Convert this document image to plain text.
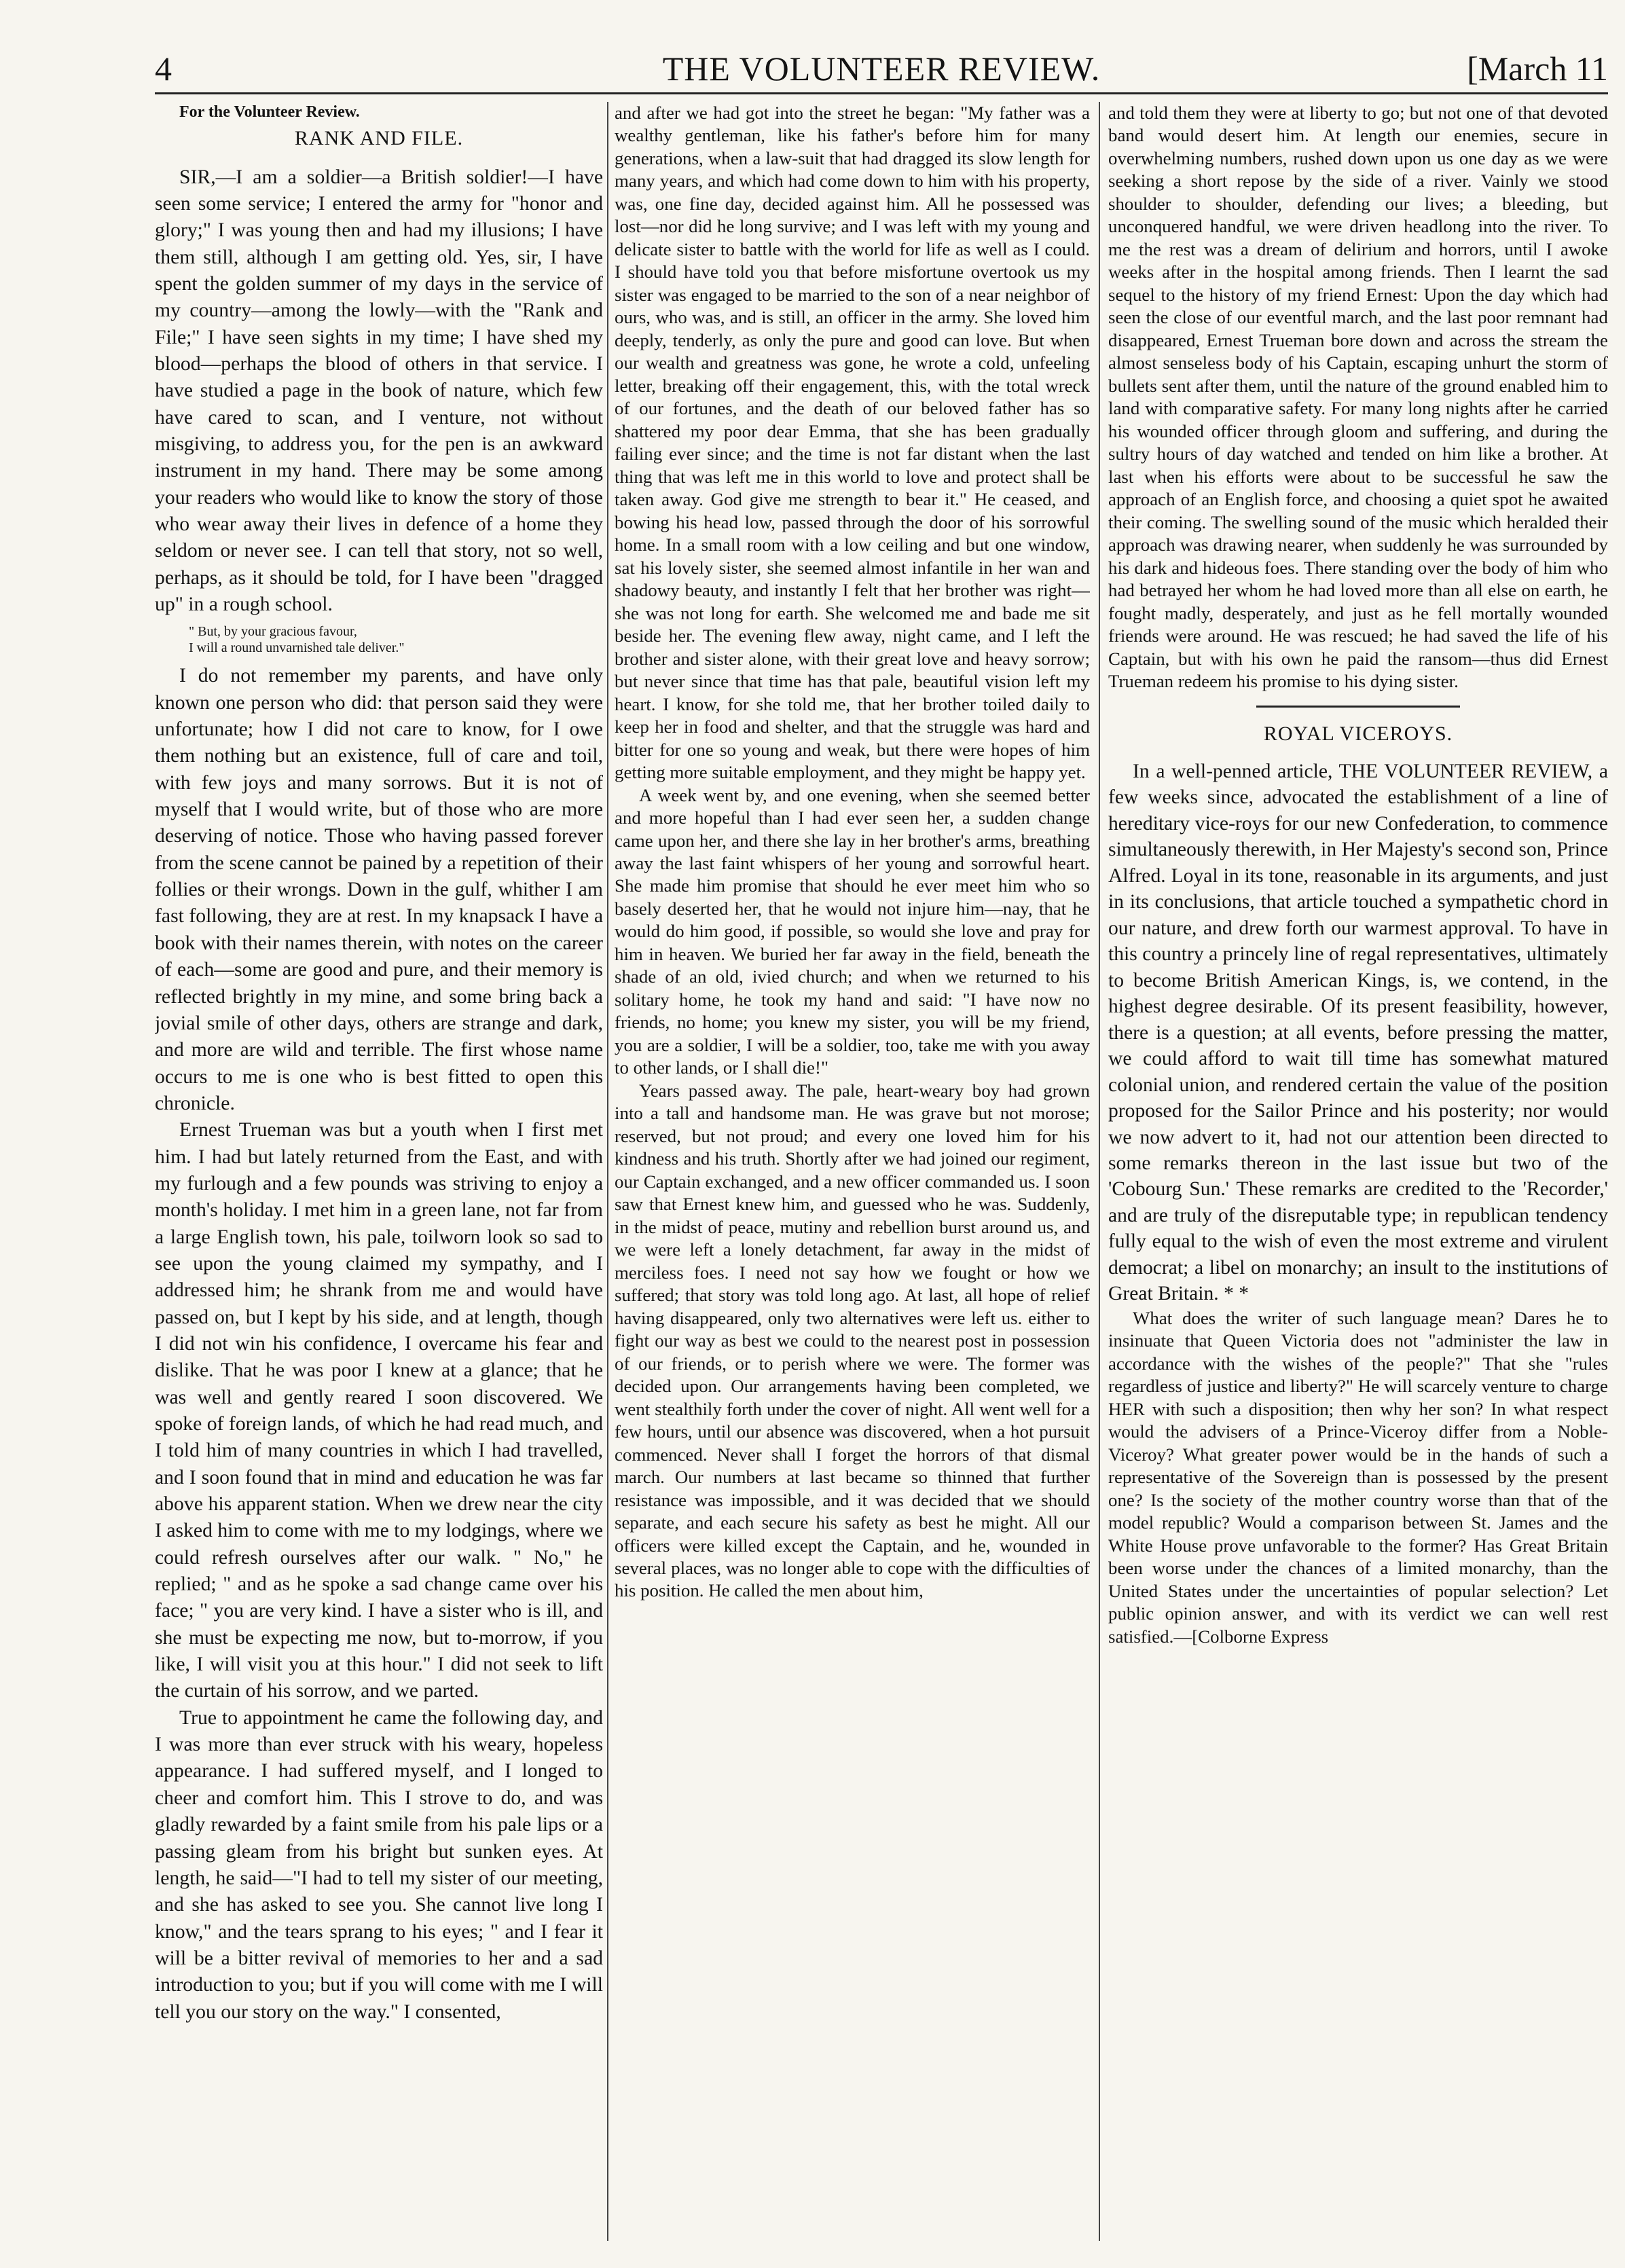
4	THE VOLUNTEER REVIEW.	[March 11

For the Volunteer Review.

RANK AND FILE.

SIR,—I am a soldier—a British soldier!—I have seen some service; I entered the army for "honor and glory;" I was young then and had my illusions; I have them still, although I am getting old. Yes, sir, I have spent the golden summer of my days in the service of my country—among the lowly—with the "Rank and File;" I have seen sights in my time; I have shed my blood—perhaps the blood of others in that service. I have studied a page in the book of nature, which few have cared to scan, and I venture, not without misgiving, to address you, for the pen is an awkward instrument in my hand. There may be some among your readers who would like to know the story of those who wear away their lives in defence of a home they seldom or never see. I can tell that story, not so well, perhaps, as it should be told, for I have been "dragged up" in a rough school.

" But, by your gracious favour,
I will a round unvarnished tale deliver."

I do not remember my parents, and have only known one person who did: that person said they were unfortunate; how I did not care to know, for I owe them nothing but an existence, full of care and toil, with few joys and many sorrows. But it is not of myself that I would write, but of those who are more deserving of notice. Those who having passed forever from the scene cannot be pained by a repetition of their follies or their wrongs. Down in the gulf, whither I am fast following, they are at rest. In my knapsack I have a book with their names therein, with notes on the career of each—some are good and pure, and their memory is reflected brightly in my mine, and some bring back a jovial smile of other days, others are strange and dark, and more are wild and terrible. The first whose name occurs to me is one who is best fitted to open this chronicle.

Ernest Trueman was but a youth when I first met him. I had but lately returned from the East, and with my furlough and a few pounds was striving to enjoy a month's holiday. I met him in a green lane, not far from a large English town, his pale, toilworn look so sad to see upon the young claimed my sympathy, and I addressed him; he shrank from me and would have passed on, but I kept by his side, and at length, though I did not win his confidence, I overcame his fear and dislike. That he was poor I knew at a glance; that he was well and gently reared I soon discovered. We spoke of foreign lands, of which he had read much, and I told him of many countries in which I had travelled, and I soon found that in mind and education he was far above his apparent station. When we drew near the city I asked him to come with me to my lodgings, where we could refresh ourselves after our walk. " No," he replied; " and as he spoke a sad change came over his face; " you are very kind. I have a sister who is ill, and she must be expecting me now, but to-morrow, if you like, I will visit you at this hour." I did not seek to lift the curtain of his sorrow, and we parted.

True to appointment he came the following day, and I was more than ever struck with his weary, hopeless appearance. I had suffered myself, and I longed to cheer and comfort him. This I strove to do, and was gladly rewarded by a faint smile from his pale lips or a passing gleam from his bright but sunken eyes. At length, he said—"I had to tell my sister of our meeting, and she has asked to see you. She cannot live long I know," and the tears sprang to his eyes; " and I fear it will be a bitter revival of memories to her and a sad introduction to you; but if you will come with me I will tell you our story on the way." I consented,

and after we had got into the street he began: "My father was a wealthy gentleman, like his father's before him for many generations, when a law-suit that had dragged its slow length for many years, and which had come down to him with his property, was, one fine day, decided against him. All he possessed was lost—nor did he long survive; and I was left with my young and delicate sister to battle with the world for life as well as I could. I should have told you that before misfortune overtook us my sister was engaged to be married to the son of a near neighbor of ours, who was, and is still, an officer in the army. She loved him deeply, tenderly, as only the pure and good can love. But when our wealth and greatness was gone, he wrote a cold, unfeeling letter, breaking off their engagement, this, with the total wreck of our fortunes, and the death of our beloved father has so shattered my poor dear Emma, that she has been gradually failing ever since; and the time is not far distant when the last thing that was left me in this world to love and protect shall be taken away. God give me strength to bear it." He ceased, and bowing his head low, passed through the door of his sorrowful home. In a small room with a low ceiling and but one window, sat his lovely sister, she seemed almost infantile in her wan and shadowy beauty, and instantly I felt that her brother was right—she was not long for earth. She welcomed me and bade me sit beside her. The evening flew away, night came, and I left the brother and sister alone, with their great love and heavy sorrow; but never since that time has that pale, beautiful vision left my heart. I know, for she told me, that her brother toiled daily to keep her in food and shelter, and that the struggle was hard and bitter for one so young and weak, but there were hopes of him getting more suitable employment, and they might be happy yet.

A week went by, and one evening, when she seemed better and more hopeful than I had ever seen her, a sudden change came upon her, and there she lay in her brother's arms, breathing away the last faint whispers of her young and sorrowful heart. She made him promise that should he ever meet him who so basely deserted her, that he would not injure him—nay, that he would do him good, if possible, so would she love and pray for him in heaven. We buried her far away in the field, beneath the shade of an old, ivied church; and when we returned to his solitary home, he took my hand and said: "I have now no friends, no home; you knew my sister, you will be my friend, you are a soldier, I will be a soldier, too, take me with you away to other lands, or I shall die!"

Years passed away. The pale, heart-weary boy had grown into a tall and handsome man. He was grave but not morose; reserved, but not proud; and every one loved him for his kindness and his truth. Shortly after we had joined our regiment, our Captain exchanged, and a new officer commanded us. I soon saw that Ernest knew him, and guessed who he was. Suddenly, in the midst of peace, mutiny and rebellion burst around us, and we were left a lonely detachment, far away in the midst of merciless foes. I need not say how we fought or how we suffered; that story was told long ago. At last, all hope of relief having disappeared, only two alternatives were left us. either to fight our way as best we could to the nearest post in possession of our friends, or to perish where we were. The former was decided upon. Our arrangements having been completed, we went stealthily forth under the cover of night. All went well for a few hours, until our absence was discovered, when a hot pursuit commenced. Never shall I forget the horrors of that dismal march. Our numbers at last became so thinned that further resistance was impossible, and it was decided that we should separate, and each secure his safety as best he might. All our officers were killed except the Captain, and he, wounded in several places, was no longer able to cope with the difficulties of his position. He called the men about him,

and told them they were at liberty to go; but not one of that devoted band would desert him. At length our enemies, secure in overwhelming numbers, rushed down upon us one day as we were seeking a short repose by the side of a river. Vainly we stood shoulder to shoulder, defending our lives; a bleeding, but unconquered handful, we were driven headlong into the river. To me the rest was a dream of delirium and horrors, until I awoke weeks after in the hospital among friends. Then I learnt the sad sequel to the history of my friend Ernest: Upon the day which had seen the close of our eventful march, and the last poor remnant had disappeared, Ernest Trueman bore down and across the stream the almost senseless body of his Captain, escaping unhurt the storm of bullets sent after them, until the nature of the ground enabled him to land with comparative safety. For many long nights after he carried his wounded officer through gloom and suffering, and during the sultry hours of day watched and tended on him like a brother. At last when his efforts were about to be successful he saw the approach of an English force, and choosing a quiet spot he awaited their coming. The swelling sound of the music which heralded their approach was drawing nearer, when suddenly he was surrounded by his dark and hideous foes. There standing over the body of him who had betrayed her whom he had loved more than all else on earth, he fought madly, desperately, and just as he fell mortally wounded friends were around. He was rescued; he had saved the life of his Captain, but with his own he paid the ransom—thus did Ernest Trueman redeem his promise to his dying sister.

ROYAL VICEROYS.

In a well-penned article, THE VOLUNTEER REVIEW, a few weeks since, advocated the establishment of a line of hereditary vice-roys for our new Confederation, to commence simultaneously therewith, in Her Majesty's second son, Prince Alfred. Loyal in its tone, reasonable in its arguments, and just in its conclusions, that article touched a sympathetic chord in our nature, and drew forth our warmest approval. To have in this country a princely line of regal representatives, ultimately to become British American Kings, is, we contend, in the highest degree desirable. Of its present feasibility, however, there is a question; at all events, before pressing the matter, we could afford to wait till time has somewhat matured colonial union, and rendered certain the value of the position proposed for the Sailor Prince and his posterity; nor would we now advert to it, had not our attention been directed to some remarks thereon in the last issue but two of the 'Cobourg Sun.' These remarks are credited to the 'Recorder,' and are truly of the disreputable type; in republican tendency fully equal to the wish of even the most extreme and virulent democrat; a libel on monarchy; an insult to the institutions of Great Britain. * *

What does the writer of such language mean? Dares he to insinuate that Queen Victoria does not "administer the law in accordance with the wishes of the people?" That she "rules regardless of justice and liberty?" He will scarcely venture to charge HER with such a disposition; then why her son? In what respect would the advisers of a Prince-Viceroy differ from a Noble-Viceroy? What greater power would be in the hands of such a representative of the Sovereign than is possessed by the present one? Is the society of the mother country worse than that of the model republic? Would a comparison between St. James and the White House prove unfavorable to the former? Has Great Britain been worse under the chances of a limited monarchy, than the United States under the uncertainties of popular selection? Let public opinion answer, and with its verdict we can well rest satisfied.—[Colborne Express
